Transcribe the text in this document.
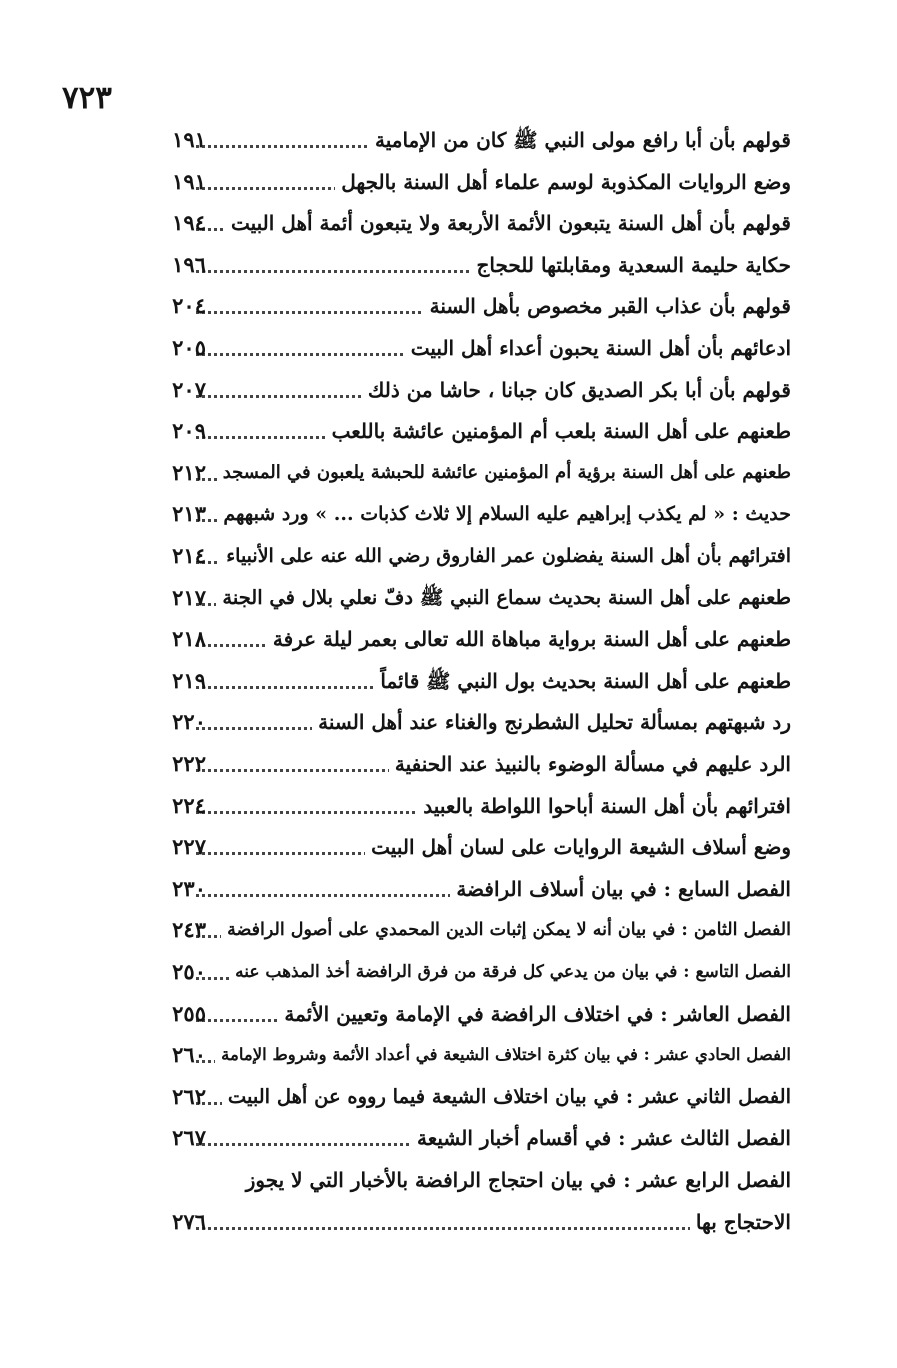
٧٢٣
قولهم بأن أبا رافع مولى النبي ﷺ كان من الإمامية
١٩١
وضع الروايات المكذوبة لوسم علماء أهل السنة بالجهل
١٩١
قولهم بأن أهل السنة يتبعون الأئمة الأربعة ولا يتبعون أئمة أهل البيت
١٩٤
حكاية حليمة السعدية ومقابلتها للحجاج
١٩٦
قولهم بأن عذاب القبر مخصوص بأهل السنة
٢٠٤
ادعائهم بأن أهل السنة يحبون أعداء أهل البيت
٢٠٥
قولهم بأن أبا بكر الصديق كان جبانا ، حاشا من ذلك
٢٠٧
طعنهم على أهل السنة بلعب أم المؤمنين عائشة باللعب
٢٠٩
طعنهم على أهل السنة برؤية أم المؤمنين عائشة للحبشة يلعبون في المسجد
٢١٢
حديث : « لم يكذب إبراهيم عليه السلام إلا ثلاث كذبات ... » ورد شبههم
٢١٣
افترائهم بأن أهل السنة يفضلون عمر الفاروق رضي الله عنه على الأنبياء
٢١٤
طعنهم على أهل السنة بحديث سماع النبي ﷺ دفّ نعلي بلال في الجنة
٢١٧
طعنهم على أهل السنة برواية مباهاة الله تعالى بعمر ليلة عرفة
٢١٨
طعنهم على أهل السنة بحديث بول النبي ﷺ قائماً
٢١٩
رد شبهتهم بمسألة تحليل الشطرنج والغناء عند أهل السنة
٢٢٠
الرد عليهم في مسألة الوضوء بالنبيذ عند الحنفية
٢٢٢
افترائهم بأن أهل السنة أباحوا اللواطة بالعبيد
٢٢٤
وضع أسلاف الشيعة الروايات على لسان أهل البيت
٢٢٧
الفصل السابع : في بيان أسلاف الرافضة
٢٣٠
الفصل الثامن : في بيان أنه لا يمكن إثبات الدين المحمدي على أصول الرافضة
٢٤٣
الفصل التاسع : في بيان من يدعي كل فرقة من فرق الرافضة أخذ المذهب عنه
٢٥٠
الفصل العاشر : في اختلاف الرافضة في الإمامة وتعيين الأئمة
٢٥٥
الفصل الحادي عشر : في بيان كثرة اختلاف الشيعة في أعداد الأئمة وشروط الإمامة
٢٦٠
الفصل الثاني عشر : في بيان اختلاف الشيعة فيما رووه عن أهل البيت
٢٦٢
الفصل الثالث عشر : في أقسام أخبار الشيعة
٢٦٧
الفصل الرابع عشر : في بيان احتجاج الرافضة بالأخبار التي لا يجوز
الاحتجاج بها
٢٧٦
